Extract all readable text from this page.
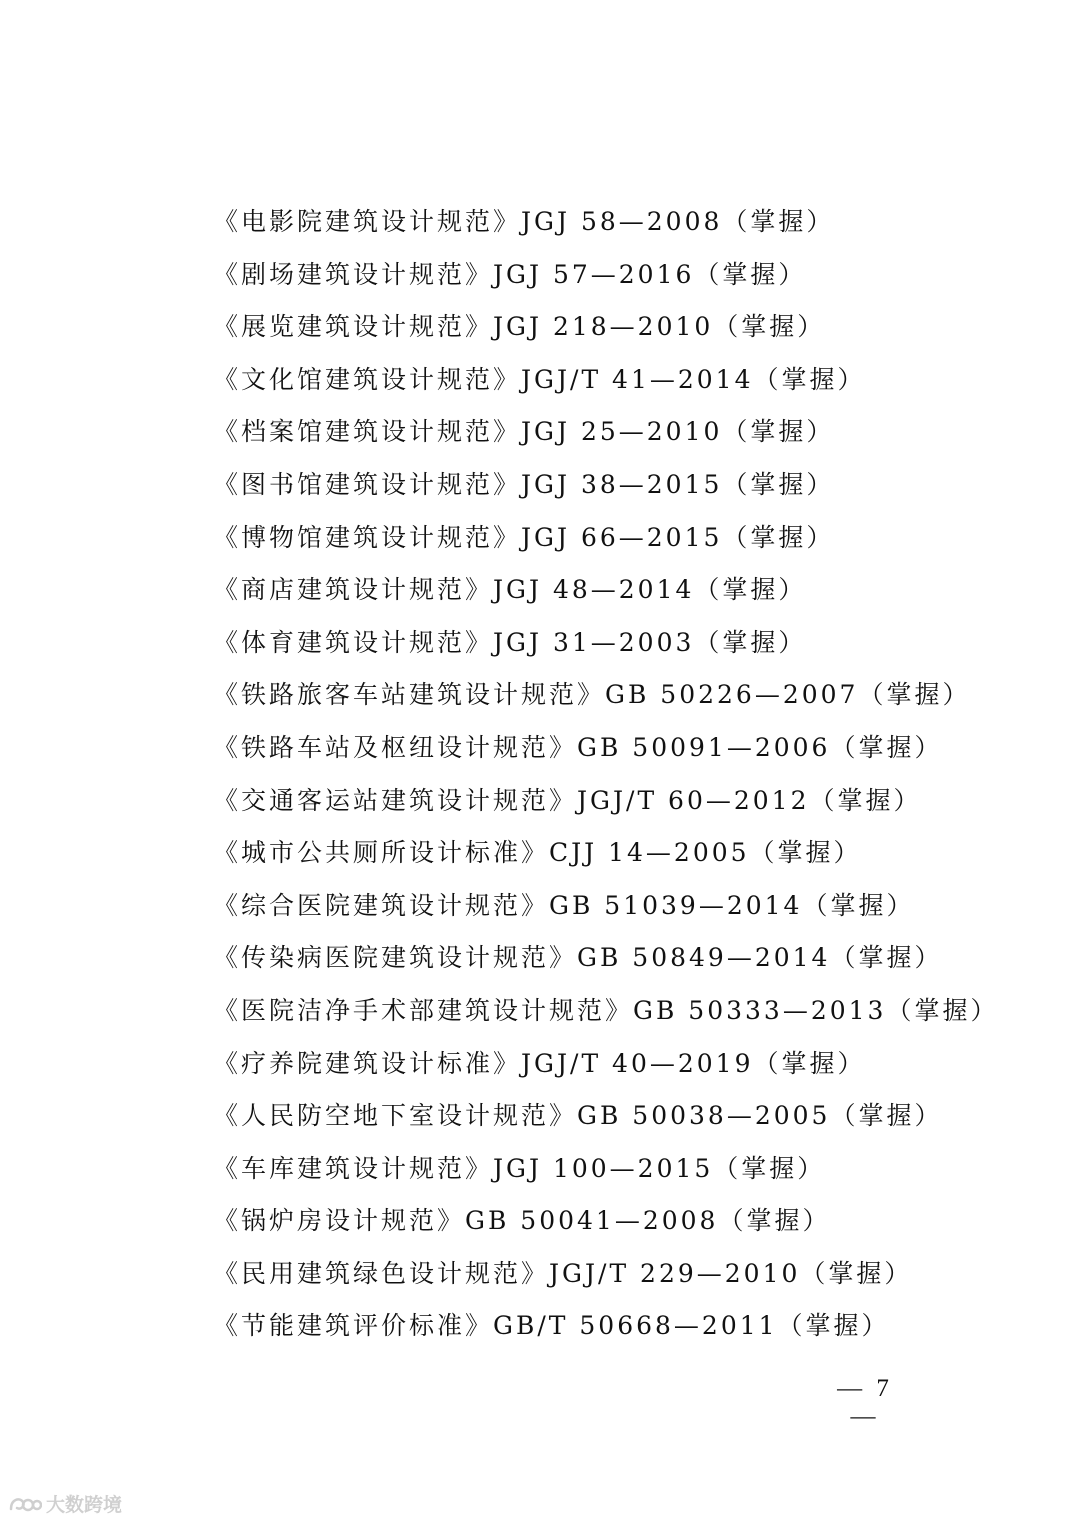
《电影院建筑设计规范》JGJ 58—2008（掌握）
《剧场建筑设计规范》JGJ 57—2016（掌握）
《展览建筑设计规范》JGJ 218—2010（掌握）
《文化馆建筑设计规范》JGJ/T 41—2014（掌握）
《档案馆建筑设计规范》JGJ 25—2010（掌握）
《图书馆建筑设计规范》JGJ 38—2015（掌握）
《博物馆建筑设计规范》JGJ 66—2015（掌握）
《商店建筑设计规范》JGJ 48—2014（掌握）
《体育建筑设计规范》JGJ 31—2003（掌握）
《铁路旅客车站建筑设计规范》GB 50226—2007（掌握）
《铁路车站及枢纽设计规范》GB 50091—2006（掌握）
《交通客运站建筑设计规范》JGJ/T 60—2012（掌握）
《城市公共厕所设计标准》CJJ 14—2005（掌握）
《综合医院建筑设计规范》GB 51039—2014（掌握）
《传染病医院建筑设计规范》GB 50849—2014（掌握）
《医院洁净手术部建筑设计规范》GB 50333—2013（掌握）
《疗养院建筑设计标准》JGJ/T 40—2019（掌握）
《人民防空地下室设计规范》GB 50038—2005（掌握）
《车库建筑设计规范》JGJ 100—2015（掌握）
《锅炉房设计规范》GB 50041—2008（掌握）
《民用建筑绿色设计规范》JGJ/T 229—2010（掌握）
《节能建筑评价标准》GB/T 50668—2011（掌握）
— 7 —
大数跨境
